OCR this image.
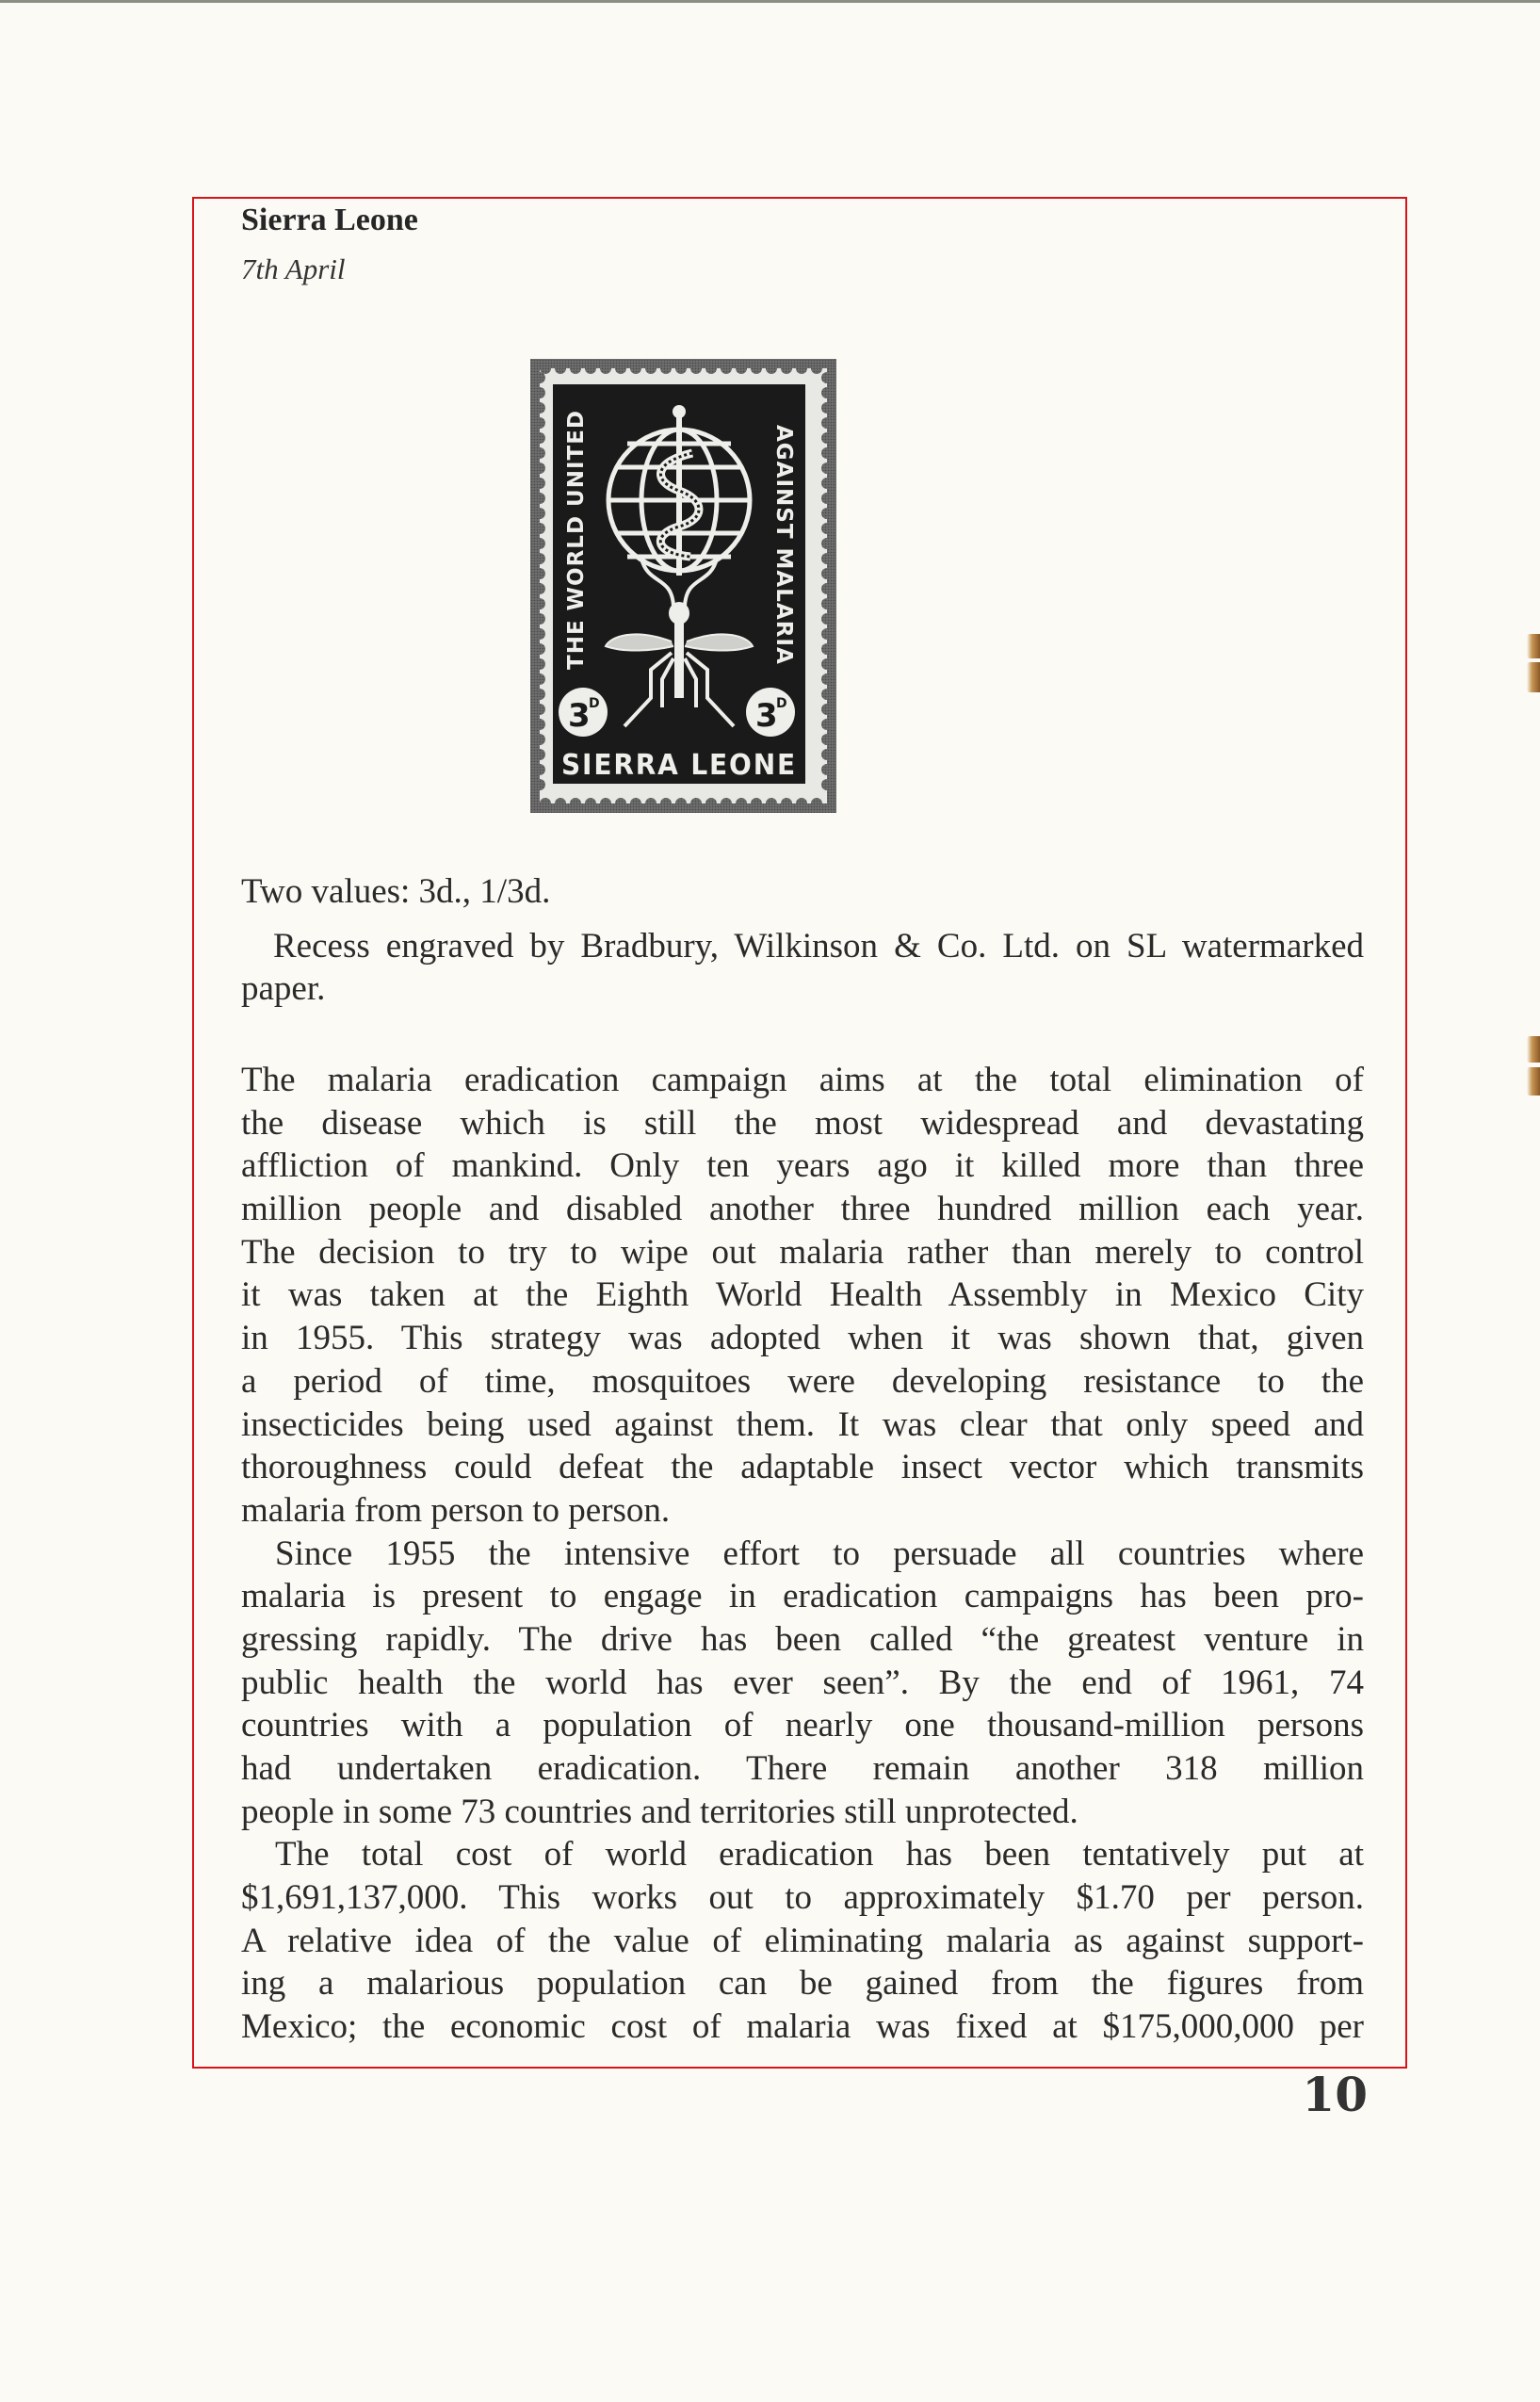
Sierra Leone
7th April
THE WORLD UNITED	AGAINST MALARIA
3
D	3
D
SIERRA LEONE
Two values: 3d., 1/3d.
Recess engraved by Bradbury, Wilkinson & Co. Ltd. on SL watermarked paper.
The malaria eradication campaign aims at the total elimination of
the disease which is still the most widespread and devastating
affliction of mankind. Only ten years ago it killed more than three
million people and disabled another three hundred million each year.
The decision to try to wipe out malaria rather than merely to control
it was taken at the Eighth World Health Assembly in Mexico City
in 1955. This strategy was adopted when it was shown that, given
a period of time, mosquitoes were developing resistance to the
insecticides being used against them. It was clear that only speed and
thoroughness could defeat the adaptable insect vector which transmits
malaria from person to person.
Since 1955 the intensive effort to persuade all countries where
malaria is present to engage in eradication campaigns has been pro-
gressing rapidly. The drive has been called “the greatest venture in
public health the world has ever seen”. By the end of 1961, 74
countries with a population of nearly one thousand-million persons
had undertaken eradication. There remain another 318 million
people in some 73 countries and territories still unprotected.
The total cost of world eradication has been tentatively put at
$1,691,137,000. This works out to approximately $1.70 per person.
A relative idea of the value of eliminating malaria as against support-
ing a malarious population can be gained from the figures from
Mexico; the economic cost of malaria was fixed at $175,000,000 per
10
